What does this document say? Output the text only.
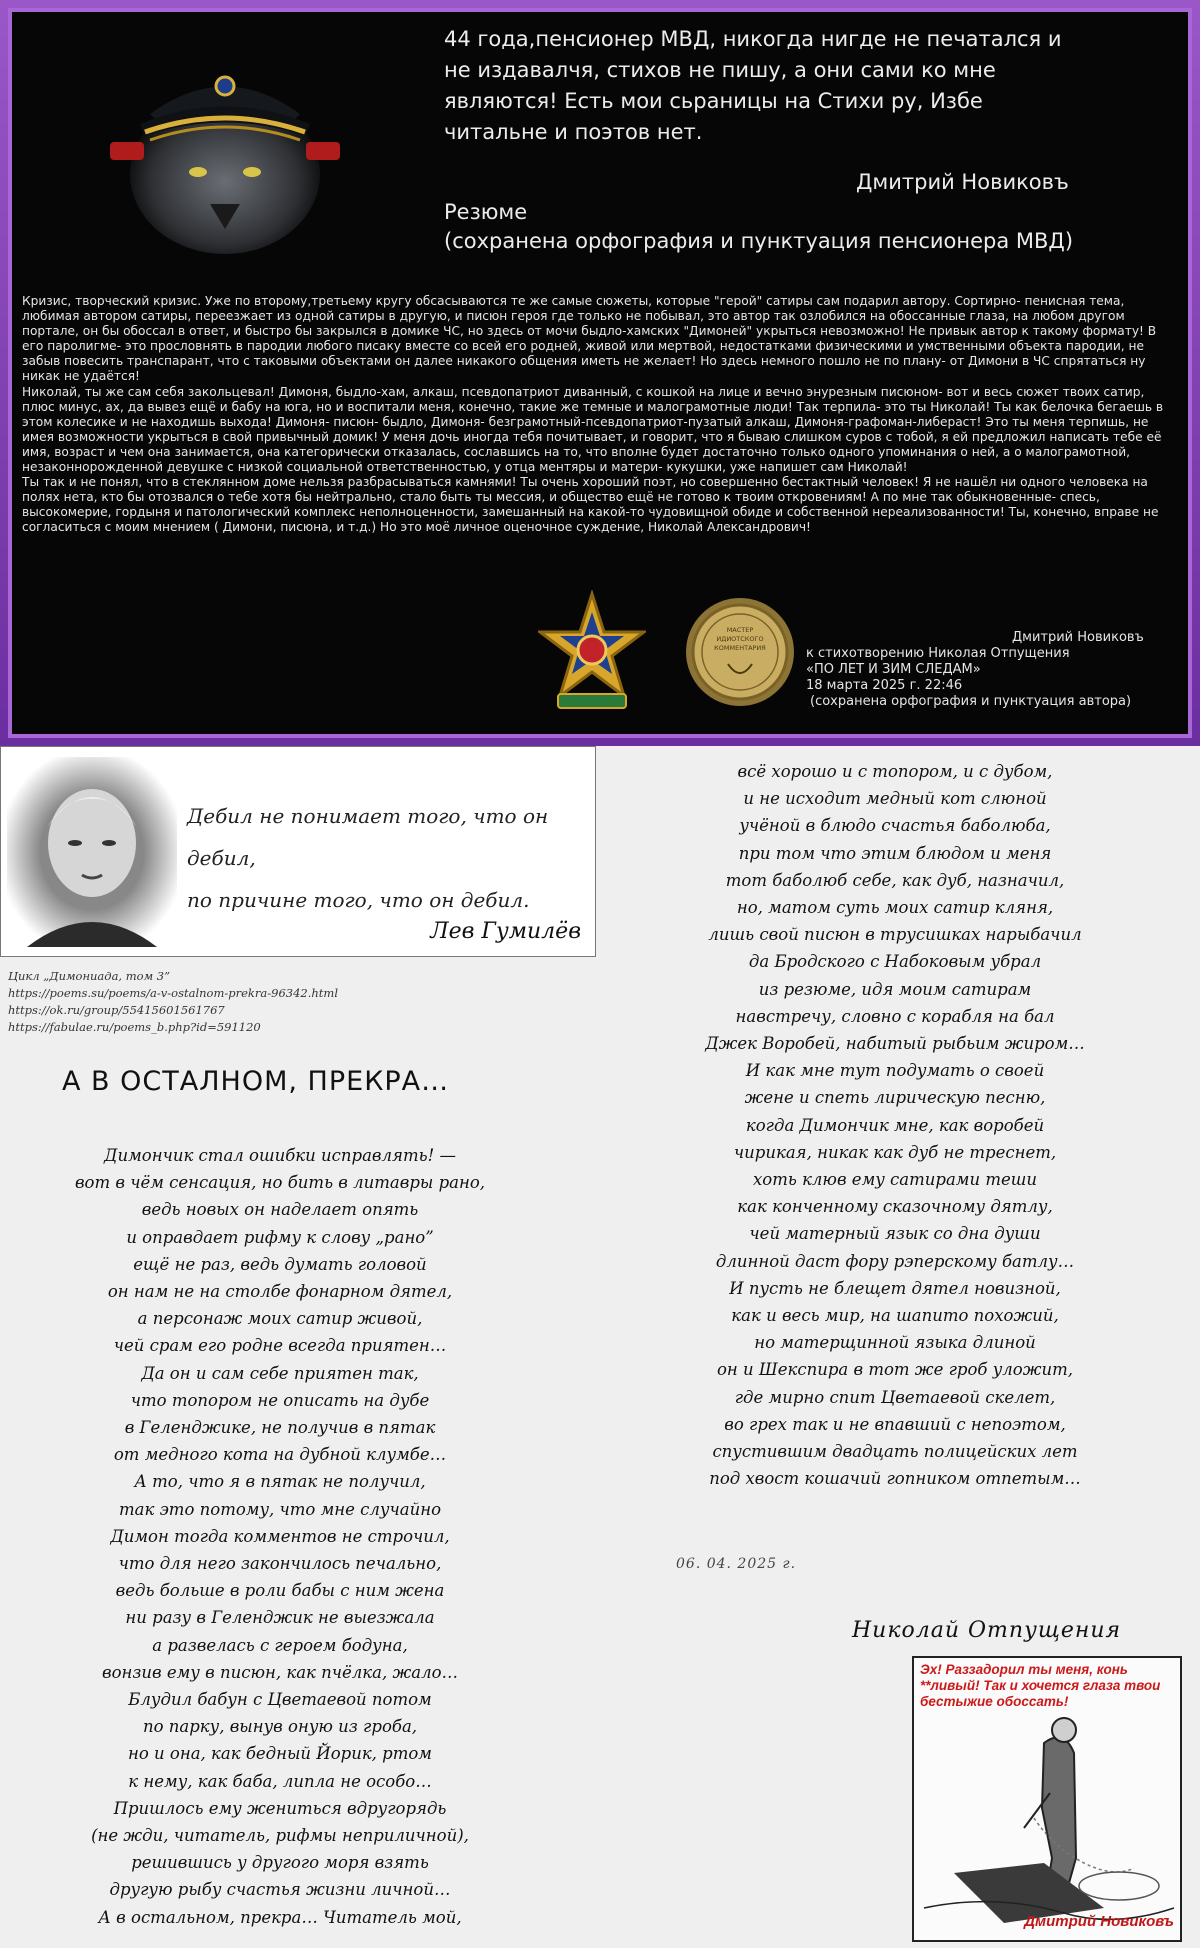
44 года,пенсионер МВД, никогда нигде не печатался и
не издавалчя, стихов не пишу, а они сами ко мне
являются! Есть мои сьраницы на Стихи ру, Избе
читальне и поэтов нет.
Дмитрий Новиковъ
Резюме
(сохранена орфография и пунктуация пенсионера МВД)

Кризис, творческий кризис. Уже по второму,третьему кругу обсасываются те же самые сюжеты, которые "герой" сатиры сам подарил автору. Сортирно- пенисная тема, любимая автором сатиры, переезжает из одной сатиры в другую, и писюн героя где только не побывал, это автор так озлобился на обоссанные глаза, на любом другом портале, он бы обоссал в ответ, и быстро бы закрылся в домике ЧС, но здесь от мочи быдло-хамских "Димоней" укрыться невозможно! Не привык автор к такому формату! В его паролигме- это прословнять в пародии любого писаку вместе со всей его родней, живой или мертвой, недостатками физическими и умственными объекта пародии, не забыв повесить транспарант, что с таковыми объектами он далее никакого общения иметь не желает! Но здесь немного пошло не по плану- от Димони в ЧС спрятаться ну никак не удаётся!

Николай, ты же сам себя закольцевал! Димоня, быдло-хам, алкаш, псевдопатриот диванный, с кошкой на лице и вечно энурезным писюном- вот и весь сюжет твоих сатир, плюс минус, ах, да вывез ещё и бабу на юга, но и воспитали меня, конечно, такие же темные и малограмотные люди! Так терпила- это ты Николай! Ты как белочка бегаешь в этом колесике и не находишь выхода! Димоня- писюн- быдло, Димоня- безграмотный-псевдопатриот-пузатый алкаш, Димоня-графоман-либераст! Это ты меня терпишь, не имея возможности укрыться в свой привычный домик! У меня дочь иногда тебя почитывает, и говорит, что я бываю слишком суров с тобой, я ей предложил написать тебе её имя, возраст и чем она занимается, она категорически отказалась, сославшись на то, что вполне будет достаточно только одного упоминания о ней, а о малограмотной, незаконнорожденной девушке с низкой социальной ответственностью, у отца ментяры и матери- кукушки, уже напишет сам Николай!

Ты так и не понял, что в стеклянном доме нельзя разбрасываться камнями! Ты очень хороший поэт, но совершенно бестактный человек! Я не нашёл ни одного человека на полях нета, кто бы отозвался о тебе хотя бы нейтрально, стало быть ты мессия, и общество ещё не готово к твоим откровениям! А по мне так обыкновенные- спесь, высокомерие, гордыня и патологический комплекс неполноценности, замешанный на какой-то чудовищной обиде и собственной нереализованности! Ты, конечно, вправе не согласиться с моим мнением ( Димони, писюна, и т.д.) Но это моё личное оценочное суждение, Николай Александрович!

МАСТЕР
ИДИОТСКОГО
КОММЕНТАРИЯ
Дмитрий Новиковъ
к стихотворению Николая Отпущения
«ПО ЛЕТ И ЗИМ СЛЕДАМ»
18 марта 2025 г. 22:46
(сохранена орфография и пунктуация автора)
Дебил не понимает того, что он дебил,
по причине того, что он дебил.
Лев Гумилёв
Цикл „Димониада, том 3”
https://poems.su/poems/a-v-ostalnom-prekra-96342.html
https://ok.ru/group/55415601561767
https://fabulae.ru/poems_b.php?id=591120
А В ОСТАЛНОМ, ПРЕКРА…
Димончик стал ошибки исправлять! —
вот в чём сенсация, но бить в литавры рано,
ведь новых он наделает опять
и оправдает рифму к слову „рано”
ещё не раз, ведь думать головой
он нам не на столбе фонарном дятел,
а персонаж моих сатир живой,
чей срам его родне всегда приятен…
Да он и сам себе приятен так,
что топором не описать на дубе
в Геленджике, не получив в пятак
от медного кота на дубной клумбе…
А то, что я в пятак не получил,
так это потому, что мне случайно
Димон тогда комментов не строчил,
что для него закончилось печально,
ведь больше в роли бабы с ним жена
ни разу в Геленджик не выезжала
а развелась с героем бодуна,
вонзив ему в писюн, как пчёлка, жало…
Блудил бабун с Цветаевой потом
по парку, вынув оную из гроба,
но и она, как бедный Йорик, ртом
к нему, как баба, липла не особо…
Пришлось ему жениться вдругорядь
(не жди, читатель, рифмы неприличной),
решившись у другого моря взять
другую рыбу счастья жизни личной…
А в остальном, прекра… Читатель мой,
всё хорошо и с топором, и с дубом,
и не исходит медный кот слюной
учёной в блюдо счастья баболюба,
при том что этим блюдом и меня
тот баболюб себе, как дуб, назначил,
но, матом суть моих сатир кляня,
лишь свой писюн в трусишках нарыбачил
да Бродского с Набоковым убрал
из резюме, идя моим сатирам
навстречу, словно с корабля на бал
Джек Воробей, набитый рыбьим жиром…
И как мне тут подумать о своей
жене и спеть лирическую песню,
когда Димончик мне, как воробей
чирикая, никак как дуб не треснет,
хоть клюв ему сатирами теши
как конченному сказочному дятлу,
чей матерный язык со дна души
длинной даст фору рэперскому батлу…
И пусть не блещет дятел новизной,
как и весь мир, на шапито похожий,
но матерщинной языка длиной
он и Шекспира в тот же гроб уложит,
где мирно спит Цветаевой скелет,
во грех так и не впавший с непоэтом,
спустившим двадцать полицейских лет
под хвост кошачий гопником отпетым…
06. 04. 2025 г.
Николай Отпущения
Эх! Раззадорил ты меня, конь **ливый! Так и хочется глаза твои бестыжие обоссать!
Дмитрий Новиковъ
